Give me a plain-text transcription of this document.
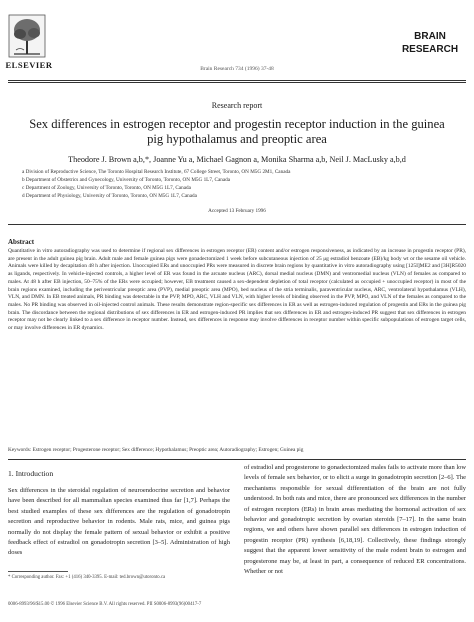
ELSEVIER	Brain Research 734 (1996) 37-48
BRAIN
RESEARCH
Research report
Sex differences in estrogen receptor and progestin receptor induction in the guinea pig hypothalamus and preoptic area
Theodore J. Brown a,b,*, Joanne Yu a, Michael Gagnon a, Monika Sharma a,b, Neil J. MacLusky a,b,d
a Division of Reproductive Science, The Toronto Hospital Research Institute, 67 College Street, Toronto, ON M5G 2M1, Canada
b Department of Obstetrics and Gynecology, University of Toronto, Toronto, ON M5G 1L7, Canada
c Department of Zoology, University of Toronto, Toronto, ON M5G 1L7, Canada
d Department of Physiology, University of Toronto, Toronto, ON M5G 1L7, Canada
Accepted 13 February 1996
Abstract
Quantitative in vitro autoradiography was used to determine if regional sex differences in estrogen receptor (ER) content and/or estrogen responsiveness, as indicated by an increase in progestin receptor (PR), are present in the adult guinea pig brain. Adult male and female guinea pigs were gonadectomized 1 week before subcutaneous injection of 25 μg estradiol benzoate (EB)/kg body wt or the sesame oil vehicle. Animals were killed by decapitation 48 h after injection. Unoccupied ERs and unoccupied PRs were measured in discrete brain regions by quantitative in vitro autoradiography using [125I]ME2 and [3H]R5020 as ligands, respectively. In vehicle-injected controls, a higher level of ER was found in the arcuate nucleus (ARC), dorsal medial nucleus (DMN) and ventromedial nucleus (VLN) of females as compared to males. At 48 h after EB injection, 50–75% of the ERs were occupied; however, EB treatment caused a sex-dependent depletion of total receptor (calculated as occupied + unoccupied receptor) in most of the brain regions examined, including the periventricular preoptic area (PVP), medial preoptic area (MPO), bed nucleus of the stria terminalis, paraventricular nucleus, ARC, ventrolateral hypothalamus (VLH), VLN, and DMN. In EB treated animals, PR binding was detectable in the PVP, MPO, ARC, VLH and VLN, with higher levels of binding observed in the PVP, MPO, and VLN of the females as compared to the males. No PR binding was observed in oil-injected control animals. These results demonstrate region-specific sex differences in ER as well as estrogen-induced regulation of progestin and ERs in the guinea pig brain. The discordance between the regional distributions of sex differences in ER and estrogen-induced PR implies that sex differences in ER and estrogen-induced PR suggest that sex differences in estrogen receptor may not be clearly linked to a sex difference in receptor number. Instead, sex differences in response may involve differences in receptor number within specific subpopulations of estrogen target cells, or may involve differences in ER dynamics.
Keywords: Estrogen receptor; Progesterone receptor; Sex difference; Hypothalamus; Preoptic area; Autoradiography; Estrogen; Guinea pig
1. Introduction
Sex differences in the steroidal regulation of neuroendocrine secretion and behavior have been described for all mammalian species examined thus far [1,7]. Perhaps the best studied examples of these sex differences are the regulation of gonadotropin secretion and reproductive behavior in rodents. Male rats, mice, and guinea pigs normally do not display the female pattern of sexual behavior or exhibit a positive feedback effect of estradiol on gonadotropin secretion [3–5]. Administration of high doses
of estradiol and progesterone to gonadectomized males fails to activate more than low levels of female sex behavior, or to elicit a surge in gonadotropin secretion [2–6]. The mechanisms responsible for sexual differentiation of the brain are not fully understood. In both rats and mice, there are pronounced sex differences in the number of estrogen receptors (ERs) in brain areas mediating the hormonal activation of sex behavior and gonadotropic secretion by ovarian steroids [7–17]. In the same brain regions, we and others have shown parallel sex differences in estrogen induction of progestin receptor (PR) synthesis [6,18,19]. Collectively, these findings strongly suggest that the apparent lower sensitivity of the male rodent brain to estrogen and progesterone may be, at least in part, a consequence of reduced ER concentrations. Whether or not
* Corresponding author. Fax: +1 (416) 340-3395. E-mail: ted.brown@utoronto.ca
0006-8993/96/$15.00 © 1996 Elsevier Science B.V. All rights reserved. PII S0006-8993(96)00417-7
